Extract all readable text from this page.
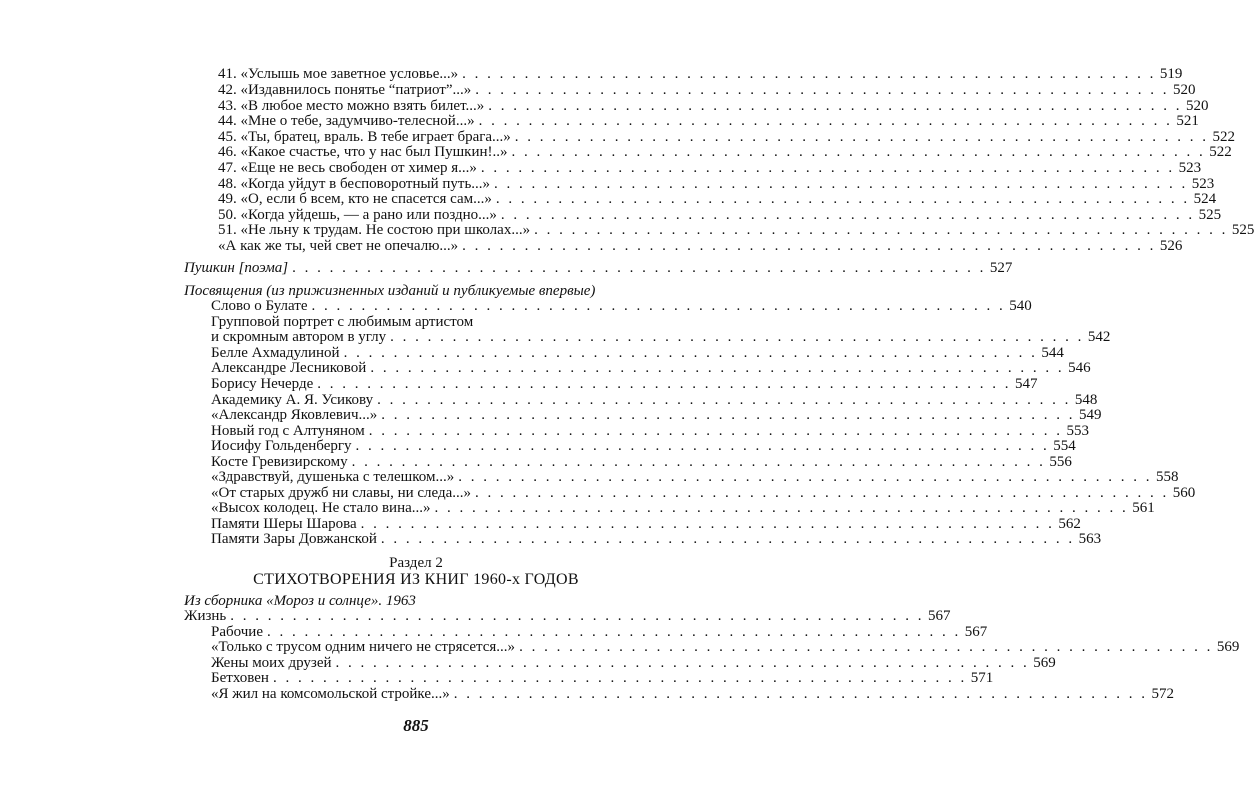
41. «Услышь мое заветное условье...» . . . . . . . . . . . . . . . . . . . . . . . . . . . . . . . . . . . . . . . . . . . . . . . . . . . . . . . . 519
42. «Издавнилось понятье “патриот”...» . . . . . . . . . . . . . . . . . . . . . . . . . . . . . . . . . . . . . . . . . . . . . . . . . . . . . . . . 520
43. «В любое место можно взять билет...» . . . . . . . . . . . . . . . . . . . . . . . . . . . . . . . . . . . . . . . . . . . . . . . . . . . . . . . . 520
44. «Мне о тебе, задумчиво-телесной...» . . . . . . . . . . . . . . . . . . . . . . . . . . . . . . . . . . . . . . . . . . . . . . . . . . . . . . . . 521
45. «Ты, братец, враль. В тебе играет брага...» . . . . . . . . . . . . . . . . . . . . . . . . . . . . . . . . . . . . . . . . . . . . . . . . . . . . . . . . 522
46. «Какое счастье, что у нас был Пушкин!..» . . . . . . . . . . . . . . . . . . . . . . . . . . . . . . . . . . . . . . . . . . . . . . . . . . . . . . . . 522
47. «Еще не весь свободен от химер я...» . . . . . . . . . . . . . . . . . . . . . . . . . . . . . . . . . . . . . . . . . . . . . . . . . . . . . . . . 523
48. «Когда уйдут в бесповоротный путь...» . . . . . . . . . . . . . . . . . . . . . . . . . . . . . . . . . . . . . . . . . . . . . . . . . . . . . . . . 523
49. «О, если б всем, кто не спасется сам...» . . . . . . . . . . . . . . . . . . . . . . . . . . . . . . . . . . . . . . . . . . . . . . . . . . . . . . . . 524
50. «Когда уйдешь, — а рано или поздно...» . . . . . . . . . . . . . . . . . . . . . . . . . . . . . . . . . . . . . . . . . . . . . . . . . . . . . . . . 525
51. «Не льну к трудам. Не состою при школах...» . . . . . . . . . . . . . . . . . . . . . . . . . . . . . . . . . . . . . . . . . . . . . . . . . . . . . . . . 525
«А как же ты, чей свет не опечалю...» . . . . . . . . . . . . . . . . . . . . . . . . . . . . . . . . . . . . . . . . . . . . . . . . . . . . . . . . 526
Пушкин [поэма] . . . . . . . . . . . . . . . . . . . . . . . . . . . . . . . . . . . . . . . . . . . . . . . . . . . . . . . . 527
Посвящения (из прижизненных изданий и публикуемые впервые)
Слово о Булате . . . . . . . . . . . . . . . . . . . . . . . . . . . . . . . . . . . . . . . . . . . . . . . . . . . . . . . . 540
Групповой портрет с любимым артистом
и скромным автором в углу . . . . . . . . . . . . . . . . . . . . . . . . . . . . . . . . . . . . . . . . . . . . . . . . . . . . . . . . 542
Белле Ахмадулиной . . . . . . . . . . . . . . . . . . . . . . . . . . . . . . . . . . . . . . . . . . . . . . . . . . . . . . . . 544
Александре Лесниковой . . . . . . . . . . . . . . . . . . . . . . . . . . . . . . . . . . . . . . . . . . . . . . . . . . . . . . . . 546
Борису Нечерде . . . . . . . . . . . . . . . . . . . . . . . . . . . . . . . . . . . . . . . . . . . . . . . . . . . . . . . . 547
Академику А. Я. Усикову . . . . . . . . . . . . . . . . . . . . . . . . . . . . . . . . . . . . . . . . . . . . . . . . . . . . . . . . 548
«Александр Яковлевич...» . . . . . . . . . . . . . . . . . . . . . . . . . . . . . . . . . . . . . . . . . . . . . . . . . . . . . . . . 549
Новый год с Алтуняном . . . . . . . . . . . . . . . . . . . . . . . . . . . . . . . . . . . . . . . . . . . . . . . . . . . . . . . . 553
Иосифу Гольденбергу . . . . . . . . . . . . . . . . . . . . . . . . . . . . . . . . . . . . . . . . . . . . . . . . . . . . . . . . 554
Косте Гревизирскому . . . . . . . . . . . . . . . . . . . . . . . . . . . . . . . . . . . . . . . . . . . . . . . . . . . . . . . . 556
«Здравствуй, душенька с телешком...» . . . . . . . . . . . . . . . . . . . . . . . . . . . . . . . . . . . . . . . . . . . . . . . . . . . . . . . . 558
«От старых дружб ни славы, ни следа...» . . . . . . . . . . . . . . . . . . . . . . . . . . . . . . . . . . . . . . . . . . . . . . . . . . . . . . . . 560
«Высох колодец. Не стало вина...» . . . . . . . . . . . . . . . . . . . . . . . . . . . . . . . . . . . . . . . . . . . . . . . . . . . . . . . . 561
Памяти Шеры Шарова . . . . . . . . . . . . . . . . . . . . . . . . . . . . . . . . . . . . . . . . . . . . . . . . . . . . . . . . 562
Памяти Зары Довжанской . . . . . . . . . . . . . . . . . . . . . . . . . . . . . . . . . . . . . . . . . . . . . . . . . . . . . . . . 563
Раздел 2
СТИХОТВОРЕНИЯ ИЗ КНИГ 1960-х ГОДОВ
Из сборника «Мороз и солнце». 1963
Жизнь . . . . . . . . . . . . . . . . . . . . . . . . . . . . . . . . . . . . . . . . . . . . . . . . . . . . . . . . 567
Рабочие . . . . . . . . . . . . . . . . . . . . . . . . . . . . . . . . . . . . . . . . . . . . . . . . . . . . . . . . 567
«Только с трусом одним ничего не стрясется...» . . . . . . . . . . . . . . . . . . . . . . . . . . . . . . . . . . . . . . . . . . . . . . . . . . . . . . . . 569
Жены моих друзей . . . . . . . . . . . . . . . . . . . . . . . . . . . . . . . . . . . . . . . . . . . . . . . . . . . . . . . . 569
Бетховен . . . . . . . . . . . . . . . . . . . . . . . . . . . . . . . . . . . . . . . . . . . . . . . . . . . . . . . . 571
«Я жил на комсомольской стройке...» . . . . . . . . . . . . . . . . . . . . . . . . . . . . . . . . . . . . . . . . . . . . . . . . . . . . . . . . 572
885
